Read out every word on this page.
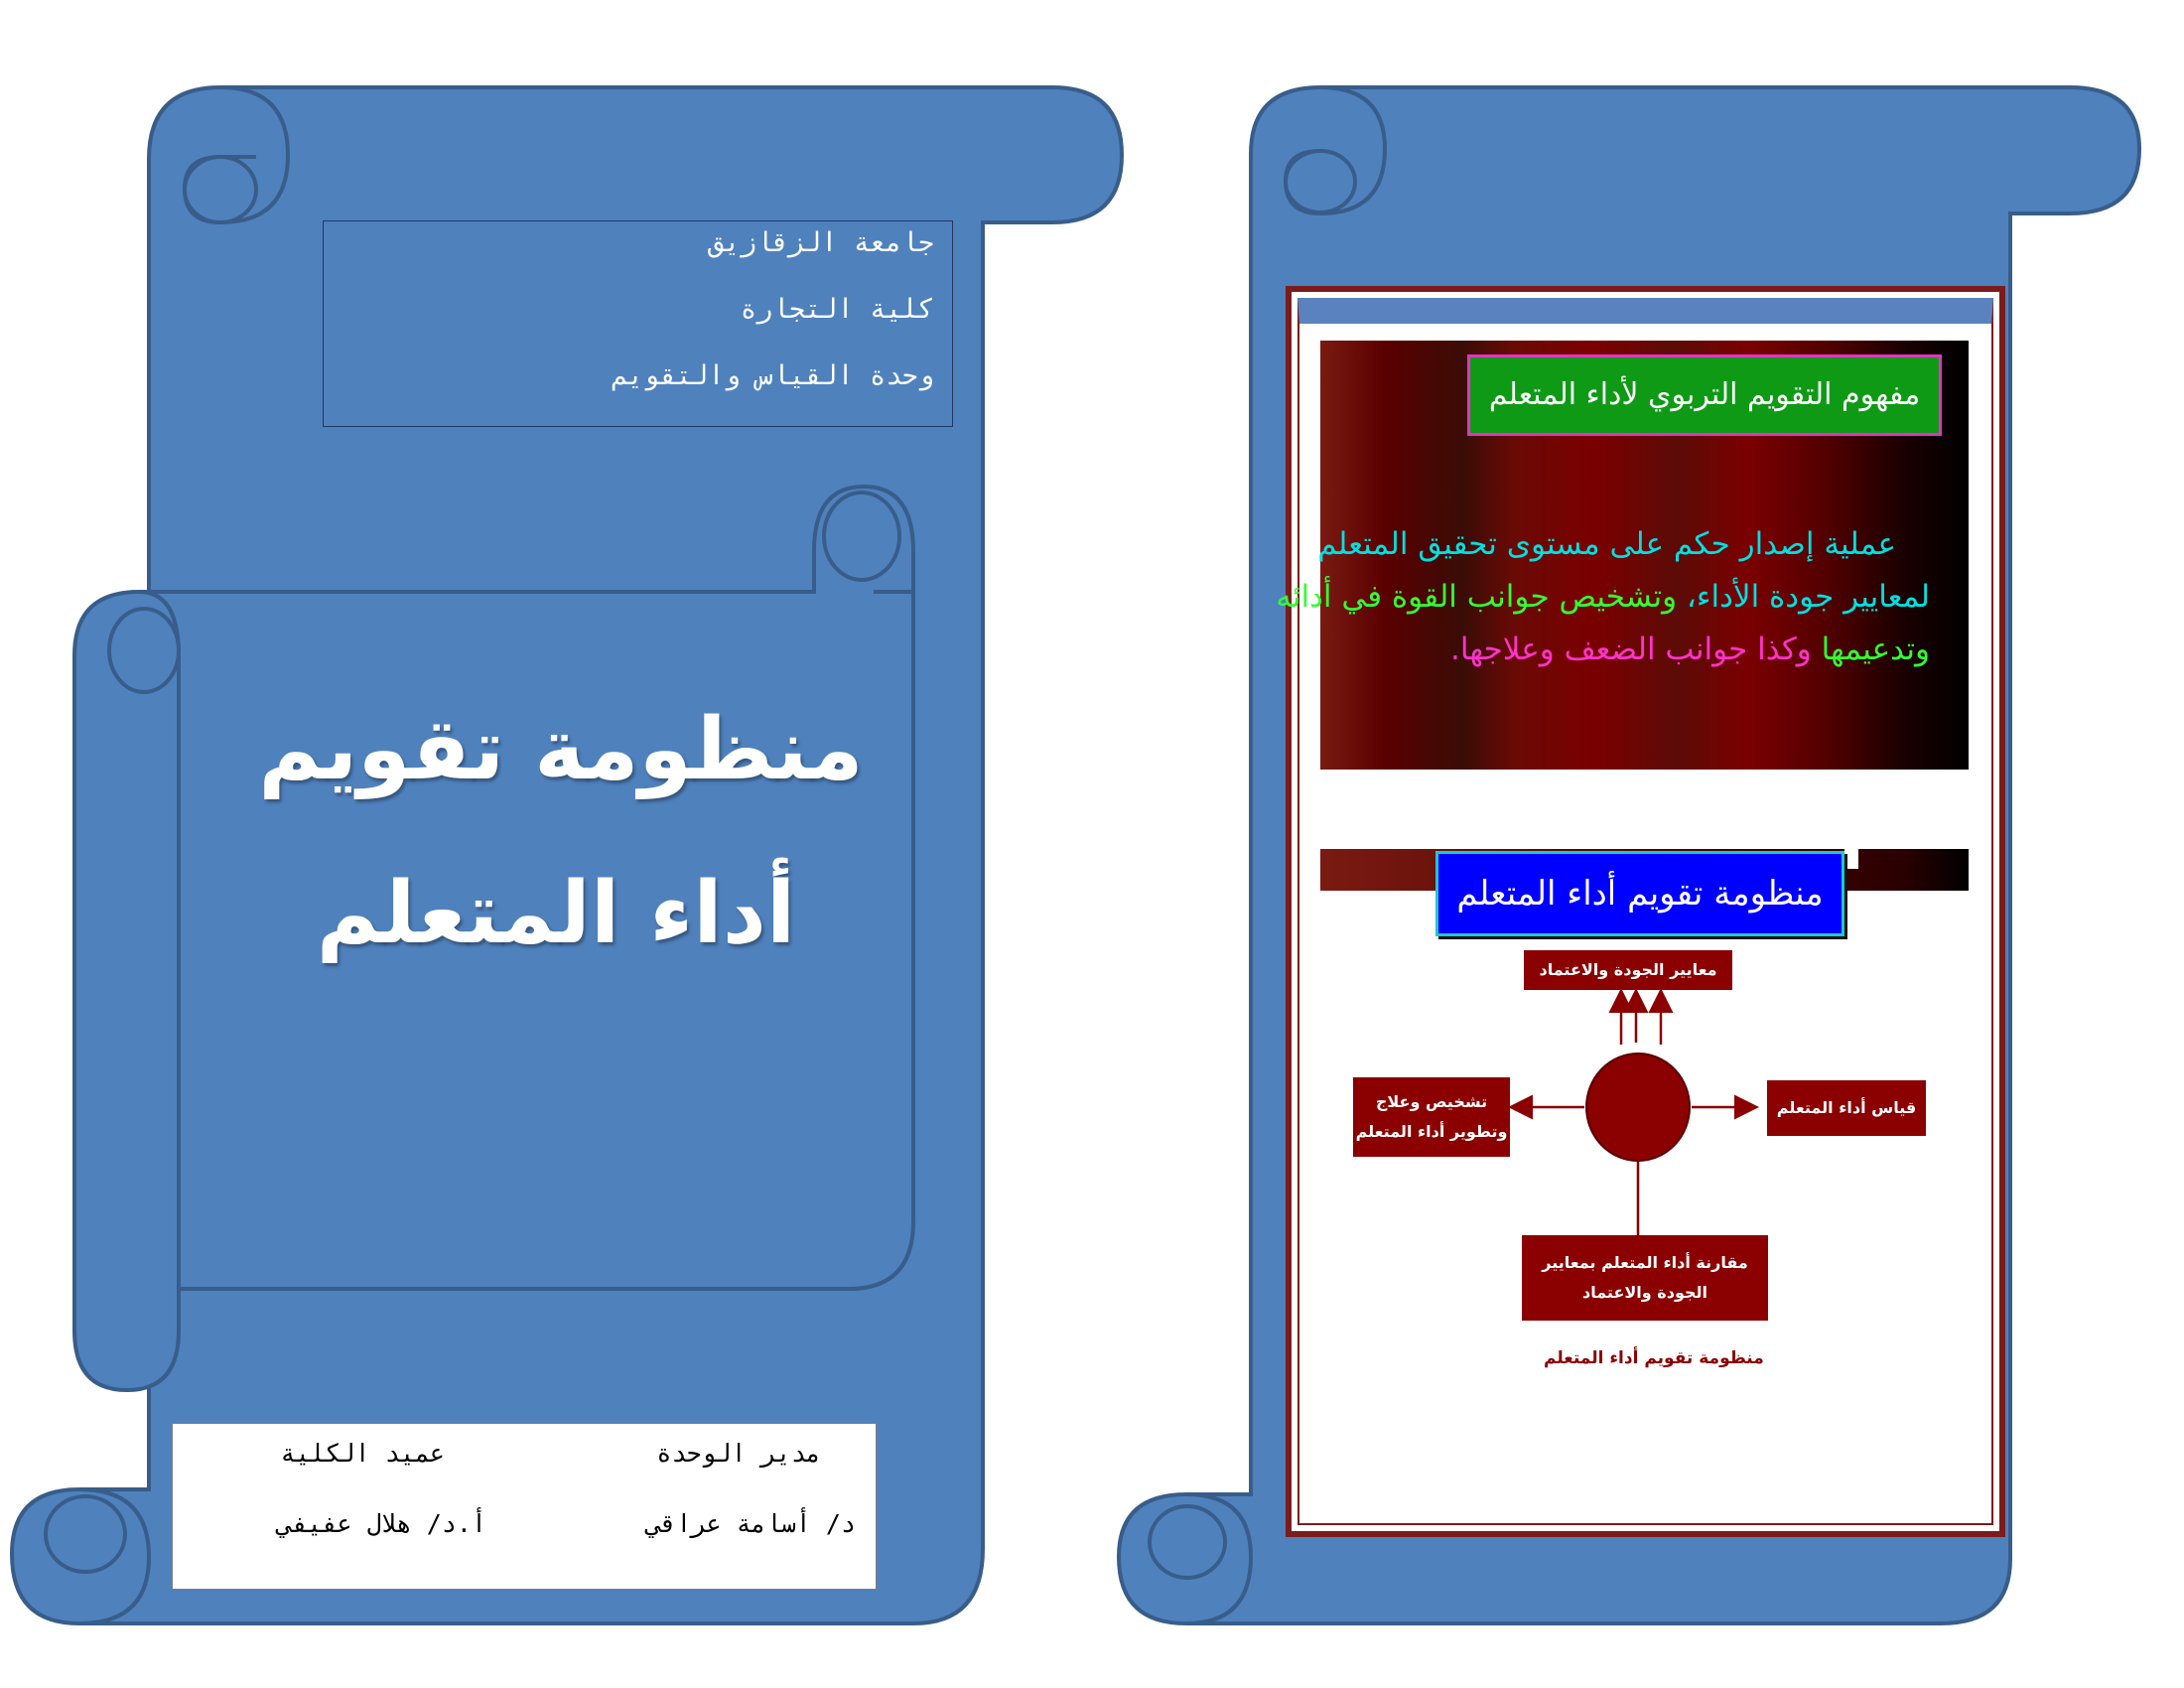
جامعة الزقازيق
كلية التجارة
وحدة القياس والتقويم
منظومة تقويم
أداء المتعلم
عميد الكلية	مدير الوحدة
أ.د/ هلال عفيفي	د/ أسامة عراقي
مفهوم التقويم التربوي لأداء المتعلم
عملية إصدار حكم على مستوى تحقيق المتعلم
لمعايير جودة الأداء، وتشخيص جوانب القوة في أدائه
وتدعيمها وكذا جوانب الضعف وعلاجها.
منظومة تقويم أداء المتعلم
معايير الجودة والاعتماد
قياس أداء المتعلم
تشخيص وعلاج
وتطوير أداء المتعلم
مقارنة أداء المتعلم بمعايير
الجودة والاعتماد
منظومة تقويم أداء المتعلم
